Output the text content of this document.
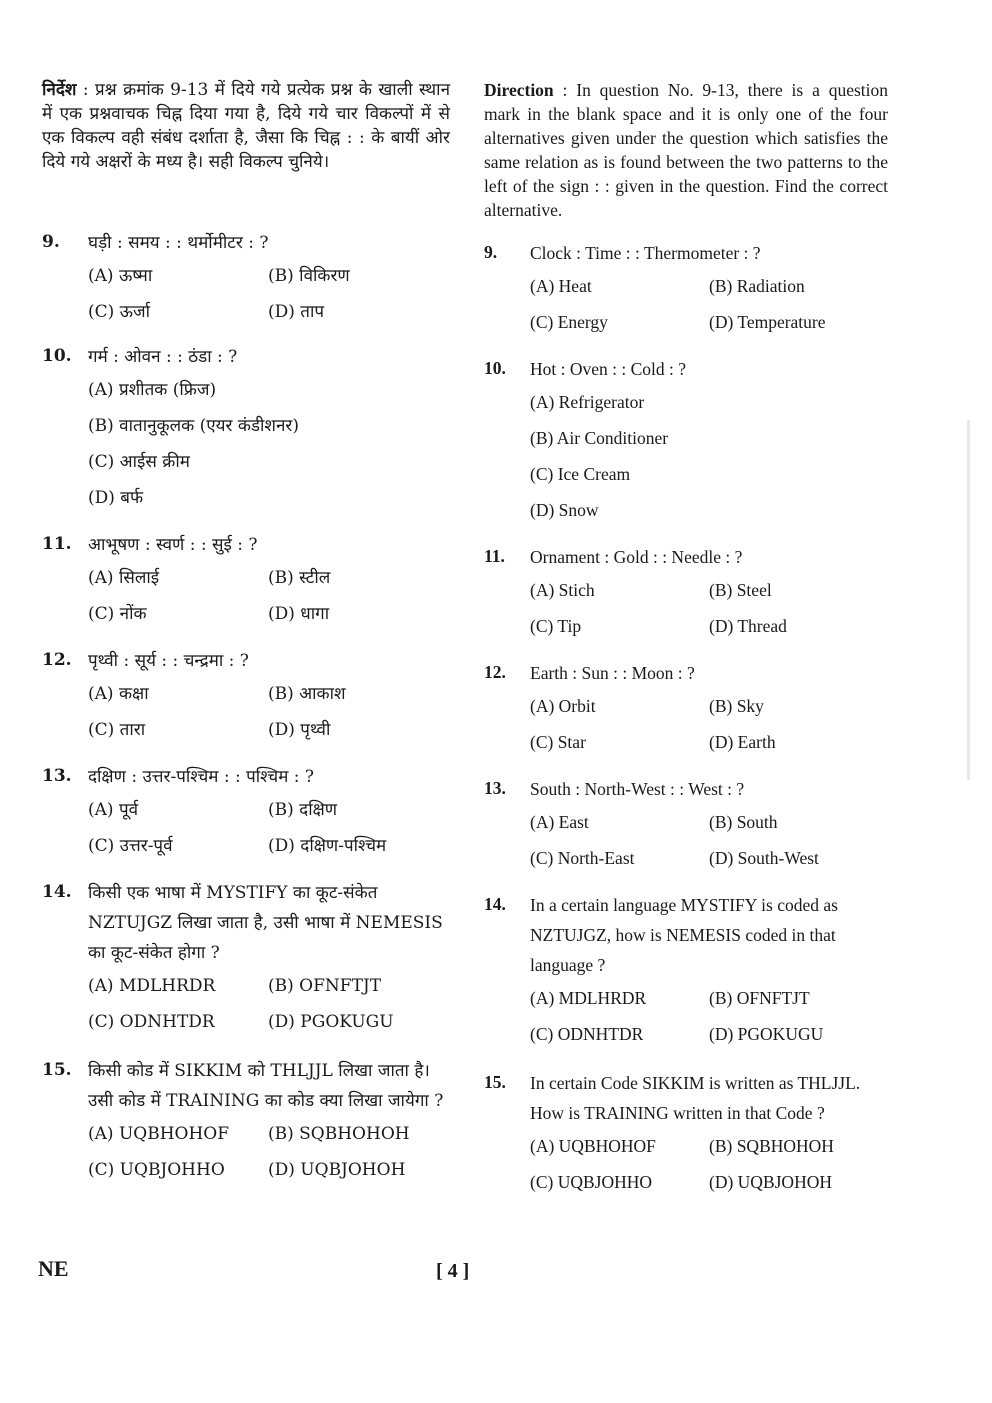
निर्देश : प्रश्न क्रमांक 9-13 में दिये गये प्रत्येक प्रश्न के खाली स्थान में एक प्रश्नवाचक चिह्न दिया गया है, दिये गये चार विकल्पों में से एक विकल्प वही संबंध दर्शाता है, जैसा कि चिह्न : : के बायीं ओर दिये गये अक्षरों के मध्य है। सही विकल्प चुनिये।
9.	घड़ी : समय : : थर्मोमीटर : ?
(A) ऊष्मा	(B) विकिरण
(C) ऊर्जा	(D) ताप
10. गर्म : ओवन : : ठंडा : ?
(A) प्रशीतक (फ्रिज)
(B) वातानुकूलक (एयर कंडीशनर)
(C) आईस क्रीम
(D) बर्फ
11. आभूषण : स्वर्ण : : सुई : ?
(A) सिलाई	(B) स्टील
(C) नोंक	(D) धागा
12. पृथ्वी : सूर्य : : चन्द्रमा : ?
(A) कक्षा	(B) आकाश
(C) तारा	(D) पृथ्वी
13. दक्षिण : उत्तर-पश्चिम : : पश्चिम : ?
(A) पूर्व	(B) दक्षिण
(C) उत्तर-पूर्व	(D) दक्षिण-पश्चिम
14. किसी एक भाषा में MYSTIFY का कूट-संकेत NZTUJGZ लिखा जाता है, उसी भाषा में NEMESIS का कूट-संकेत होगा ?
(A) MDLHRDR	(B) OFNFTJT
(C) ODNHTDR	(D) PGOKUGU
15. किसी कोड में SIKKIM को THLJJL लिखा जाता है। उसी कोड में TRAINING का कोड क्या लिखा जायेगा ?
(A) UQBHOHOF	(B) SQBHOHOH
(C) UQBJOHHO	(D) UQBJOHOH
Direction : In question No. 9-13, there is a question mark in the blank space and it is only one of the four alternatives given under the question which satisfies the same relation as is found between the two patterns to the left of the sign : : given in the question. Find the correct alternative.
9.	Clock : Time : : Thermometer : ?
(A) Heat	(B) Radiation
(C) Energy	(D) Temperature
10.	Hot : Oven : : Cold : ?
(A) Refrigerator
(B) Air Conditioner
(C) Ice Cream
(D) Snow
11.	Ornament : Gold : : Needle : ?
(A) Stich	(B) Steel
(C) Tip	(D) Thread
12.	Earth : Sun : : Moon : ?
(A) Orbit	(B) Sky
(C) Star	(D) Earth
13.	South : North-West : : West : ?
(A) East	(B) South
(C) North-East	(D) South-West
14.	In a certain language MYSTIFY is coded as NZTUJGZ, how is NEMESIS coded in that language ?
(A) MDLHRDR	(B) OFNFTJT
(C) ODNHTDR	(D) PGOKUGU
15.	In certain Code SIKKIM is written as THLJJL. How is TRAINING written in that Code ?
(A) UQBHOHOF	(B) SQBHOHOH
(C) UQBJOHHO	(D) UQBJOHOH
NE	[ 4 ]
